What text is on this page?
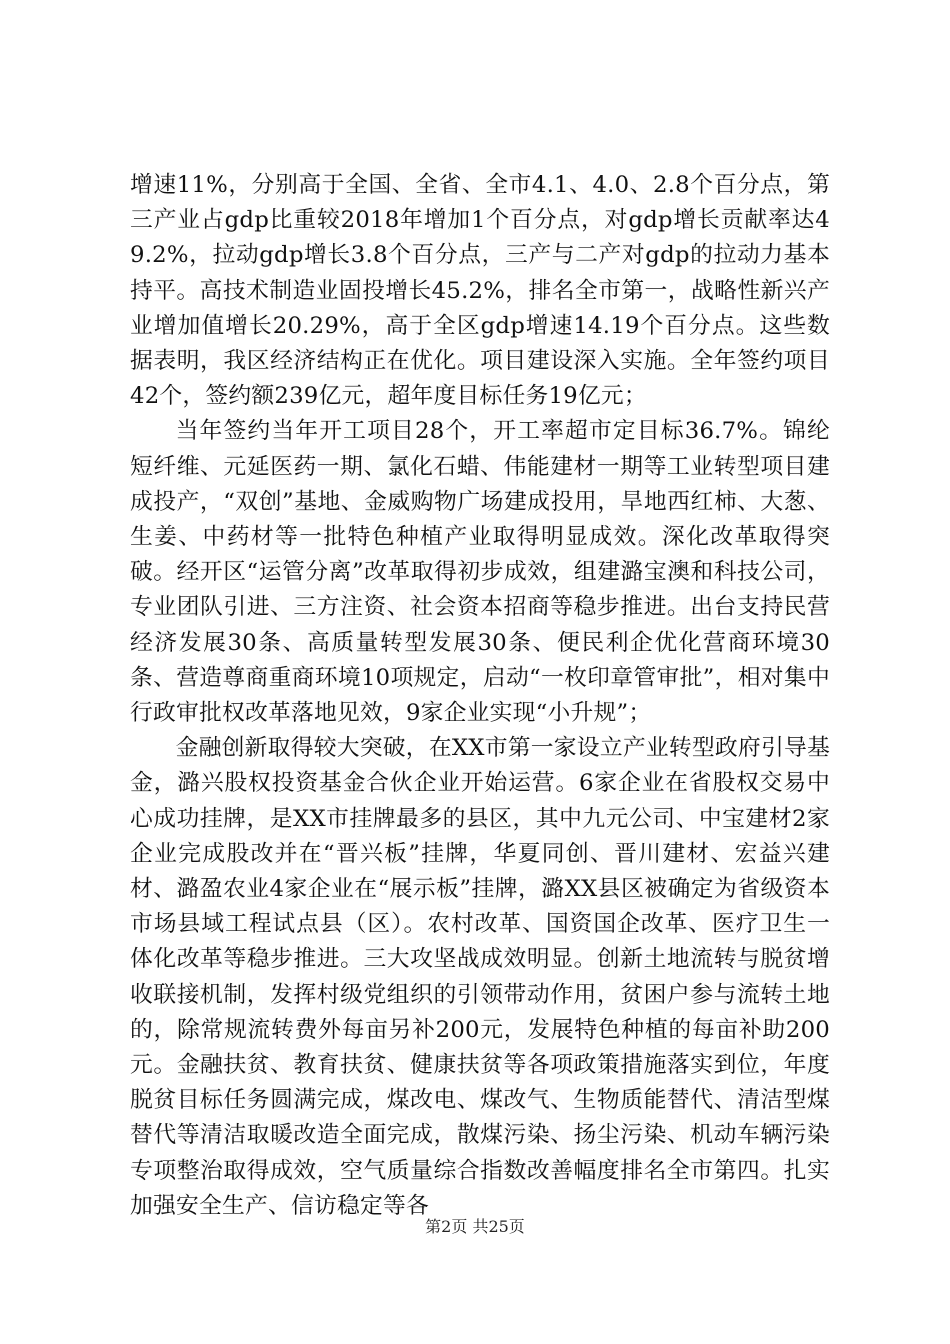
增速11%，分别高于全国、全省、全市4.1、4.0、2.8个百分点，第三产业占gdp比重较2018年增加1个百分点，对gdp增长贡献率达49.2%，拉动gdp增长3.8个百分点，三产与二产对gdp的拉动力基本持平。高技术制造业固投增长45.2%，排名全市第一，战略性新兴产业增加值增长20.29%，高于全区gdp增速14.19个百分点。这些数据表明，我区经济结构正在优化。项目建设深入实施。全年签约项目42个，签约额239亿元，超年度目标任务19亿元；

当年签约当年开工项目28个，开工率超市定目标36.7%。锦纶短纤维、元延医药一期、氯化石蜡、伟能建材一期等工业转型项目建成投产，“双创”基地、金威购物广场建成投用，旱地西红柿、大葱、生姜、中药材等一批特色种植产业取得明显成效。深化改革取得突破。经开区“运管分离”改革取得初步成效，组建潞宝澳和科技公司，专业团队引进、三方注资、社会资本招商等稳步推进。出台支持民营经济发展30条、高质量转型发展30条、便民利企优化营商环境30条、营造尊商重商环境10项规定，启动“一枚印章管审批”，相对集中行政审批权改革落地见效，9家企业实现“小升规”；

金融创新取得较大突破，在XX市第一家设立产业转型政府引导基金，潞兴股权投资基金合伙企业开始运营。6家企业在省股权交易中心成功挂牌，是XX市挂牌最多的县区，其中九元公司、中宝建材2家企业完成股改并在“晋兴板”挂牌，华夏同创、晋川建材、宏益兴建材、潞盈农业4家企业在“展示板”挂牌，潞XX县区被确定为省级资本市场县域工程试点县（区）。农村改革、国资国企改革、医疗卫生一体化改革等稳步推进。三大攻坚战成效明显。创新土地流转与脱贫增收联接机制，发挥村级党组织的引领带动作用，贫困户参与流转土地的，除常规流转费外每亩另补200元，发展特色种植的每亩补助200元。金融扶贫、教育扶贫、健康扶贫等各项政策措施落实到位，年度脱贫目标任务圆满完成，煤改电、煤改气、生物质能替代、清洁型煤替代等清洁取暖改造全面完成，散煤污染、扬尘污染、机动车辆污染专项整治取得成效，空气质量综合指数改善幅度排名全市第四。扎实加强安全生产、信访稳定等各

第2页 共25页
